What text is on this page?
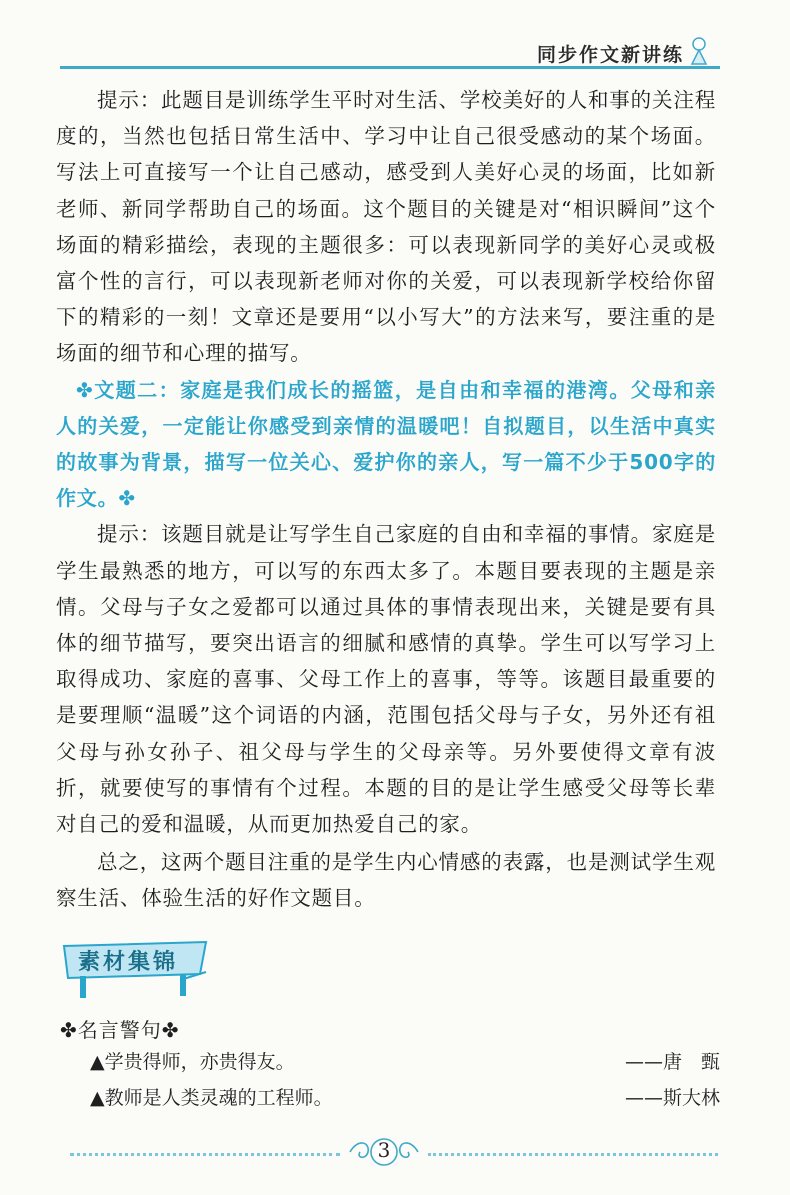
同步作文新讲练

提示：此题目是训练学生平时对生活、学校美好的人和事的关注程度的，当然也包括日常生活中、学习中让自己很受感动的某个场面。写法上可直接写一个让自己感动，感受到人美好心灵的场面，比如新老师、新同学帮助自己的场面。这个题目的关键是对“相识瞬间”这个场面的精彩描绘，表现的主题很多：可以表现新同学的美好心灵或极富个性的言行，可以表现新老师对你的关爱，可以表现新学校给你留下的精彩的一刻！文章还是要用“以小写大”的方法来写，要注重的是场面的细节和心理的描写。

✤文题二：家庭是我们成长的摇篮，是自由和幸福的港湾。父母和亲人的关爱，一定能让你感受到亲情的温暖吧！自拟题目，以生活中真实的故事为背景，描写一位关心、爱护你的亲人，写一篇不少于500字的作文。✤

提示：该题目就是让写学生自己家庭的自由和幸福的事情。家庭是学生最熟悉的地方，可以写的东西太多了。本题目要表现的主题是亲情。父母与子女之爱都可以通过具体的事情表现出来，关键是要有具体的细节描写，要突出语言的细腻和感情的真挚。学生可以写学习上取得成功、家庭的喜事、父母工作上的喜事，等等。该题目最重要的是要理顺“温暖”这个词语的内涵，范围包括父母与子女，另外还有祖父母与孙女孙子、祖父母与学生的父母亲等。另外要使得文章有波折，就要使写的事情有个过程。本题的目的是让学生感受父母等长辈对自己的爱和温暖，从而更加热爱自己的家。

总之，这两个题目注重的是学生内心情感的表露，也是测试学生观察生活、体验生活的好作文题目。

素材集锦
✤名言警句✤
▲学贵得师，亦贵得友。	——唐　甄
▲教师是人类灵魂的工程师。	——斯大林
3
